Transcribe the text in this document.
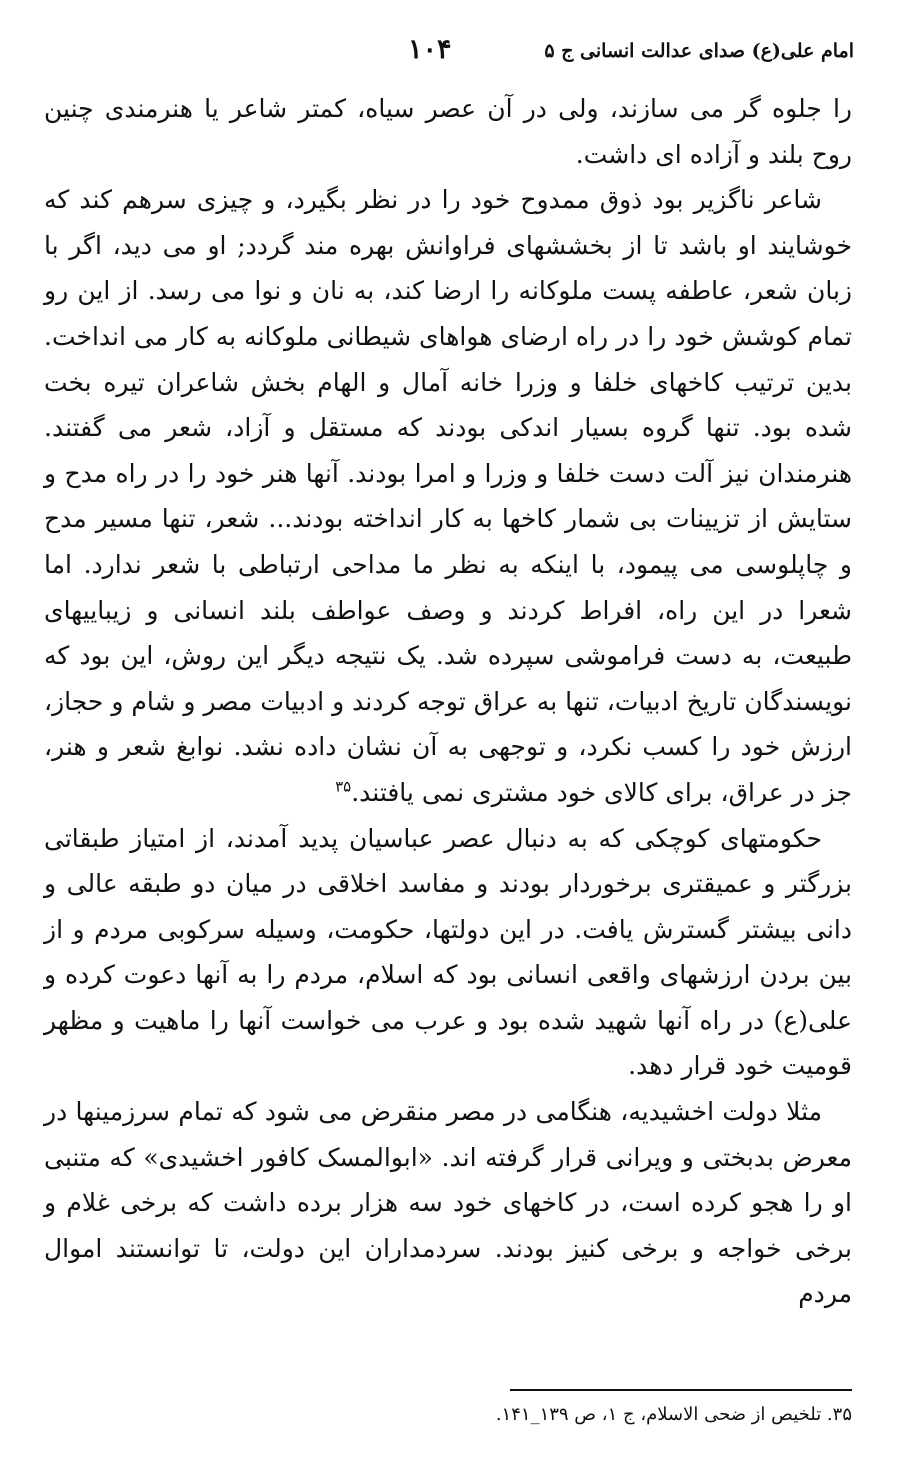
امام علی(ع) صدای عدالت انسانی ج ۵
۱۰۴

را جلوه گر می سازند، ولی در آن عصر سیاه، کمتر شاعر یا هنرمندی چنین روح بلند و آزاده ای داشت.

شاعر ناگزیر بود ذوق ممدوح خود را در نظر بگیرد، و چیزی سرهم کند که خوشایند او باشد تا از بخششهای فراوانش بهره مند گردد; او می دید، اگر با زبان شعر، عاطفه پست ملوکانه را ارضا کند، به نان و نوا می رسد. از این رو تمام کوشش خود را در راه ارضای هواهای شیطانی ملوکانه به کار می انداخت. بدین ترتیب کاخهای خلفا و وزرا خانه آمال و الهام بخش شاعران تیره بخت شده بود. تنها گروه بسیار اندکی بودند که مستقل و آزاد، شعر می گفتند. هنرمندان نیز آلت دست خلفا و وزرا و امرا بودند. آنها هنر خود را در راه مدح و ستایش از تزیینات بی شمار کاخها به کار انداخته بودند... شعر، تنها مسیر مدح و چاپلوسی می پیمود، با اینکه به نظر ما مداحی ارتباطی با شعر ندارد. اما شعرا در این راه، افراط کردند و وصف عواطف بلند انسانی و زیباییهای طبیعت، به دست فراموشی سپرده شد. یک نتیجه دیگر این روش، این بود که نویسندگان تاریخ ادبیات، تنها به عراق توجه کردند و ادبیات مصر و شام و حجاز، ارزش خود را کسب نکرد، و توجهی به آن نشان داده نشد. نوابغ شعر و هنر، جز در عراق، برای کالای خود مشتری نمی یافتند.$^{۳۵}$

حکومتهای کوچکی که به دنبال عصر عباسیان پدید آمدند، از امتیاز طبقاتی بزرگتر و عمیقتری برخوردار بودند و مفاسد اخلاقی در میان دو طبقه عالی و دانی بیشتر گسترش یافت. در این دولتها، حکومت، وسیله سرکوبی مردم و از بین بردن ارزشهای واقعی انسانی بود که اسلام، مردم را به آنها دعوت کرده و علی(ع) در راه آنها شهید شده بود و عرب می خواست آنها را ماهیت و مظهر قومیت خود قرار دهد.

مثلا دولت اخشیدیه، هنگامی در مصر منقرض می شود که تمام سرزمینها در معرض بدبختی و ویرانی قرار گرفته اند. «ابوالمسک کافور اخشیدی» که متنبی او را هجو کرده است، در کاخهای خود سه هزار برده داشت که برخی غلام و برخی خواجه و برخی کنیز بودند. سردمداران این دولت، تا توانستند اموال مردم

۳۵. تلخیص از ضحی الاسلام، ج ۱، ص ۱۳۹_۱۴۱.
